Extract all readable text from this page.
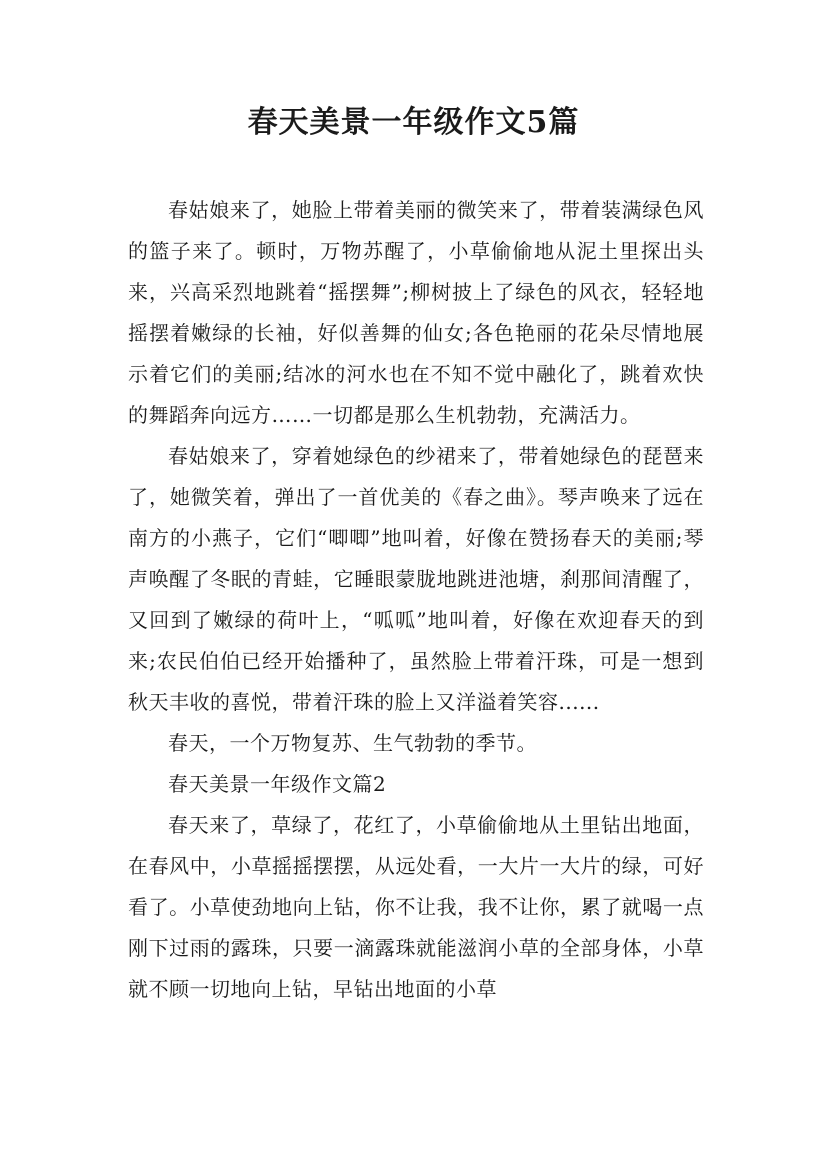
春天美景一年级作文5篇

春姑娘来了，她脸上带着美丽的微笑来了，带着装满绿色风的篮子来了。顿时，万物苏醒了，小草偷偷地从泥土里探出头来，兴高采烈地跳着“摇摆舞”;柳树披上了绿色的风衣，轻轻地摇摆着嫩绿的长袖，好似善舞的仙女;各色艳丽的花朵尽情地展示着它们的美丽;结冰的河水也在不知不觉中融化了，跳着欢快的舞蹈奔向远方……一切都是那么生机勃勃，充满活力。

春姑娘来了，穿着她绿色的纱裙来了，带着她绿色的琵琶来了，她微笑着，弹出了一首优美的《春之曲》。琴声唤来了远在南方的小燕子，它们“唧唧”地叫着，好像在赞扬春天的美丽;琴声唤醒了冬眠的青蛙，它睡眼蒙胧地跳进池塘，刹那间清醒了，又回到了嫩绿的荷叶上，“呱呱”地叫着，好像在欢迎春天的到来;农民伯伯已经开始播种了，虽然脸上带着汗珠，可是一想到秋天丰收的喜悦，带着汗珠的脸上又洋溢着笑容......

春天，一个万物复苏、生气勃勃的季节。

春天美景一年级作文篇2

春天来了，草绿了，花红了，小草偷偷地从土里钻出地面，在春风中，小草摇摇摆摆，从远处看，一大片一大片的绿，可好看了。小草使劲地向上钻，你不让我，我不让你，累了就喝一点刚下过雨的露珠，只要一滴露珠就能滋润小草的全部身体，小草就不顾一切地向上钻，早钻出地面的小草
